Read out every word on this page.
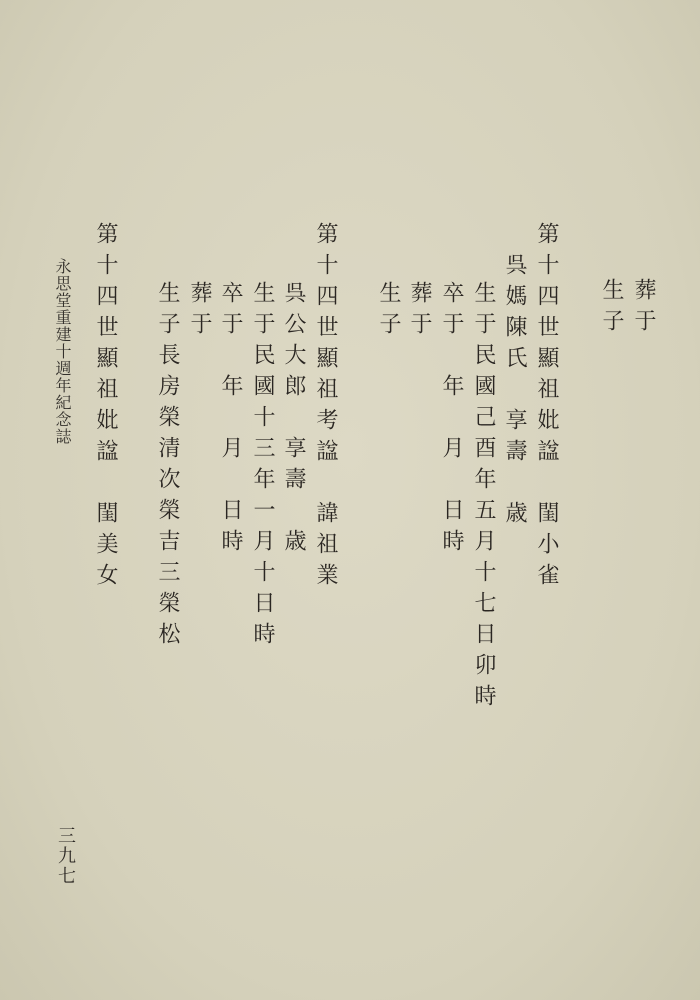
葬于

生子

第十四世顯祖妣諡　閨小雀

呉媽陳氏　享壽　歳

生于民國己酉年五月十七日卯時

卒于　年　月　日時

葬于

生子

第十四世顯祖考諡　諱祖業

呉公大郎　享壽　歳

生于民國十三年一月十日時

卒于　年　月　日時

葬于

生子長房榮清次榮吉三榮松

第十四世顯祖妣諡　閨美女

永思堂重建十週年紀念誌

三九七
